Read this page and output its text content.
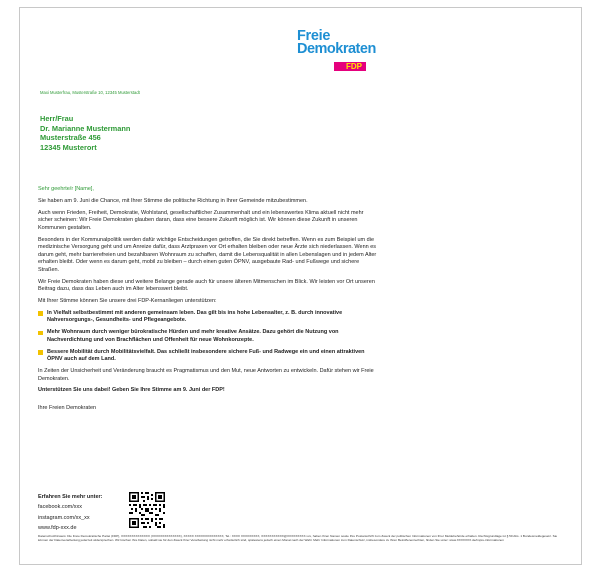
Freie
Demokraten
FDP
Maxi Musterfrau, Musterstraße 10, 12345 Musterstadt
Herr/Frau
Dr. Marianne Mustermann
Musterstraße 456
12345 Musterort

Sehr geehrte/r [Name],

Sie haben am 9. Juni die Chance, mit Ihrer Stimme die politische Richtung in Ihrer Gemeinde mitzubestimmen.

Auch wenn Frieden, Freiheit, Demokratie, Wohlstand, gesellschaftlicher Zusammenhalt und ein lebenswertes Klima aktuell nicht mehr sicher scheinen: Wir Freie Demokraten glauben daran, dass eine bessere Zukunft möglich ist. Wir können diese Zukunft in unseren Kommunen gestalten.

Besonders in der Kommunalpolitik werden dafür wichtige Entscheidungen getroffen, die Sie direkt betreffen. Wenn es zum Beispiel um die medizinische Versorgung geht und um Anreize dafür, dass Arztpraxen vor Ort erhalten bleiben oder neue Ärzte sich niederlassen. Wenn es darum geht, mehr barrierefreien und bezahlbaren Wohnraum zu schaffen, damit die Lebensqualität in allen Lebenslagen und in jedem Alter erhalten bleibt. Oder wenn es darum geht, mobil zu bleiben – durch einen guten ÖPNV, ausgebaute Rad- und Fußwege und sichere Straßen.

Wir Freie Demokraten haben diese und weitere Belange gerade auch für unsere älteren Mitmenschen im Blick. Wir leisten vor Ort unseren Beitrag dazu, dass das Leben auch im Alter lebenswert bleibt.

Mit Ihrer Stimme können Sie unsere drei FDP-Kernanliegen unterstützen:

In Vielfalt selbstbestimmt mit anderen gemeinsam leben. Das gilt bis ins hohe Lebensalter, z. B. durch innovative Nahversorgungs-, Gesundheits- und Pflegeangebote.
Mehr Wohnraum durch weniger bürokratische Hürden und mehr kreative Ansätze. Dazu gehört die Nutzung von Nachverdichtung und von Brachflächen und Offenheit für neue Wohnkonzepte.
Bessere Mobilität durch Mobilitätsvielfalt. Das schließt insbesondere sichere Fuß- und Radwege ein und einen attraktiven ÖPNV auch auf dem Land.

In Zeiten der Unsicherheit und Veränderung braucht es Pragmatismus und den Mut, neue Antworten zu entwickeln. Dafür stehen wir Freie Demokraten.

Unterstützen Sie uns dabei! Geben Sie Ihre Stimme am 9. Juni der FDP!

Ihre Freien Demokraten

Erfahren Sie mehr unter:
facebook.com/xxx
instagram.com/xx_xx
www.fdp-xxx.de
Datenschutzhinweis: Die Freie Demokratische Partei (FDP), XXXXXXXXXXXXXX (XXXXXXXXXXXXXX), XXXXX XXXXXXXXXXXXXX, Tel.: XXXX XXXXXXXXX, XXXXXXXXXXX@XXXXXXXXX.xxx, haben Ihren Namen sowie Ihre Postanschrift zum Zweck der politischen Informationen von Ihrer Meldebehörde erhalten. Rechtsgrundlage ist § 50 Abs. 1 Bundesmeldegesetz. Sie können der Datenverarbeitung jederzeit widersprechen. Wir löschen Ihre Daten, sobald sie für den Zweck Ihrer Verarbeitung nicht mehr erforderlich sind, spätestens jedoch einen Monat nach der Wahl. Mehr Informationen zum Datenschutz, insbesondere zu Ihren Betroffenenrechten, finden Sie unter: www.XXXXXXX.de/impre-informationen
